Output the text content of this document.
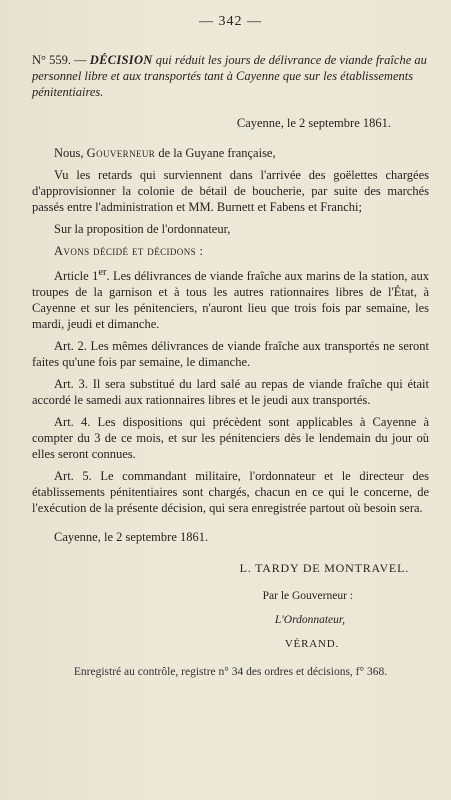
— 342 —

N° 559. — DÉCISION qui réduit les jours de délivrance de viande fraîche au personnel libre et aux transportés tant à Cayenne que sur les établissements pénitentiaires.

Cayenne, le 2 septembre 1861.

Nous, Gouverneur de la Guyane française,

Vu les retards qui surviennent dans l'arrivée des goëlettes chargées d'approvisionner la colonie de bétail de boucherie, par suite des marchés passés entre l'administration et MM. Burnett et Fabens et Franchi;

Sur la proposition de l'ordonnateur,

Avons décidé et décidons :

Article 1er. Les délivrances de viande fraîche aux marins de la station, aux troupes de la garnison et à tous les autres rationnaires libres de l'État, à Cayenne et sur les pénitenciers, n'auront lieu que trois fois par semaine, les mardi, jeudi et dimanche.

Art. 2. Les mêmes délivrances de viande fraîche aux transportés ne seront faites qu'une fois par semaine, le dimanche.

Art. 3. Il sera substitué du lard salé au repas de viande fraîche qui était accordé le samedi aux rationnaires libres et le jeudi aux transportés.

Art. 4. Les dispositions qui précèdent sont applicables à Cayenne à compter du 3 de ce mois, et sur les pénitenciers dès le lendemain du jour où elles seront connues.

Art. 5. Le commandant militaire, l'ordonnateur et le directeur des établissements pénitentiaires sont chargés, chacun en ce qui le concerne, de l'exécution de la présente décision, qui sera enregistrée partout où besoin sera.

Cayenne, le 2 septembre 1861.

L. TARDY DE MONTRAVEL.
Par le Gouverneur :
L'Ordonnateur,
VÉRAND.

Enregistré au contrôle, registre n° 34 des ordres et décisions, f° 368.
